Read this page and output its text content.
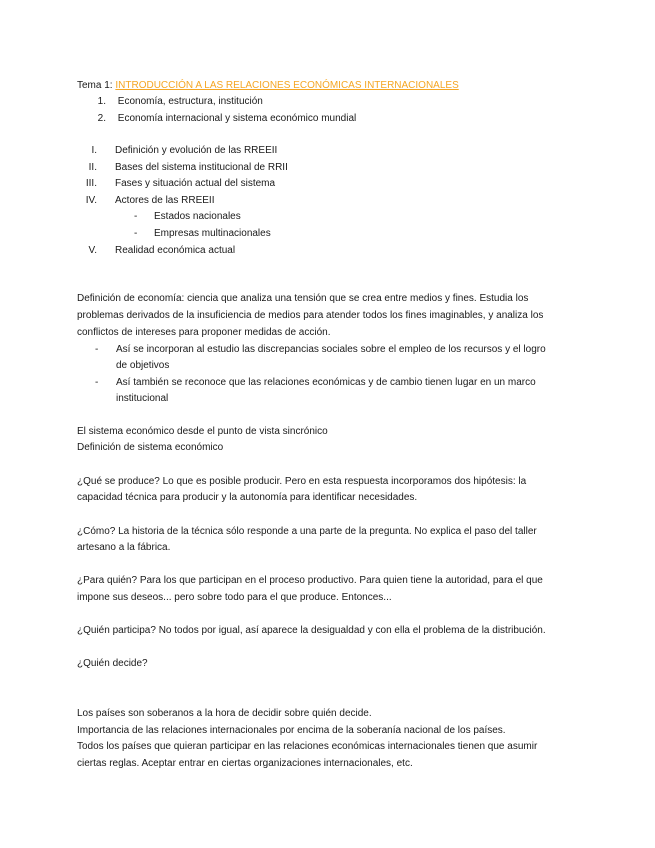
Tema 1: INTRODUCCIÓN A LAS RELACIONES ECONÓMICAS INTERNACIONALES
1. Economía, estructura, institución
2. Economía internacional y sistema económico mundial
I. Definición y evolución de las RREEII
II. Bases del sistema institucional de RRII
III. Fases y situación actual del sistema
IV. Actores de las RREEII
- Estados nacionales
- Empresas multinacionales
V. Realidad económica actual
Definición de economía: ciencia que analiza una tensión que se crea entre medios y fines. Estudia los
problemas derivados de la insuficiencia de medios para atender todos los fines imaginables, y analiza los
conflictos de intereses para proponer medidas de acción.
- Así se incorporan al estudio las discrepancias sociales sobre el empleo de los recursos y el logro
de objetivos
- Así también se reconoce que las relaciones económicas y de cambio tienen lugar en un marco
institucional
El sistema económico desde el punto de vista sincrónico
Definición de sistema económico
¿Qué se produce? Lo que es posible producir. Pero en esta respuesta incorporamos dos hipótesis: la
capacidad técnica para producir y la autonomía para identificar necesidades.
¿Cómo? La historia de la técnica sólo responde a una parte de la pregunta. No explica el paso del taller
artesano a la fábrica.
¿Para quién? Para los que participan en el proceso productivo. Para quien tiene la autoridad, para el que
impone sus deseos... pero sobre todo para el que produce. Entonces...
¿Quién participa? No todos por igual, así aparece la desigualdad y con ella el problema de la distribución.
¿Quién decide?
Los países son soberanos a la hora de decidir sobre quién decide.
Importancia de las relaciones internacionales por encima de la soberanía nacional de los países.
Todos los países que quieran participar en las relaciones económicas internacionales tienen que asumir
ciertas reglas. Aceptar entrar en ciertas organizaciones internacionales, etc.
